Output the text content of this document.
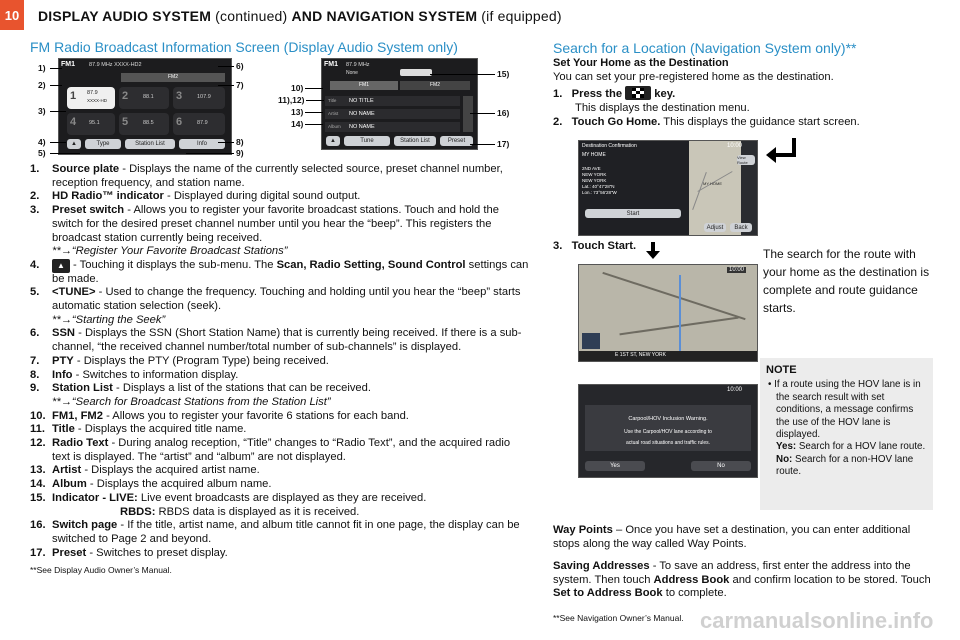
10	DISPLAY AUDIO SYSTEM (continued) AND NAVIGATION SYSTEM (if equipped)
FM Radio Broadcast Information Screen (Display Audio System only)
FM1	87.9 MHz XXXX-HD2
FM2
1 87.9
XXXX-HD 2	88.1 3	107.9
4 95.1 5	88.5 6	87.9
▲	Type	Station List	Info
1)
2)
3)
4)
5)
6)
7)
8)
9)
FM1 87.9 MHz
None
FM1	FM2
Title NO TITLE
Artist NO NAME
Album NO NAME
▲	Tune	Station List	Preset
10)
11),12)
13)
14)
15)
16)
17)
1. Source plate - Displays the name of the currently selected source, preset channel number, reception frequency, and station name.
2. HD Radio™ indicator - Displayed during digital sound output.
3. Preset switch - Allows you to register your favorite broadcast stations. Touch and hold the switch for the desired preset channel number until you hear the “beep”. This registers the broadcast station currently being received.
**→“Register Your Favorite Broadcast Stations”
4. ▲ - Touching it displays the sub-menu. The Scan, Radio Setting, Sound Control settings can be made.
5. <TUNE> - Used to change the frequency. Touching and holding until you hear the “beep” starts automatic station selection (seek).
**→“Starting the Seek”
6. SSN - Displays the SSN (Short Station Name) that is currently being received. If there is a sub-channel, “the received channel number/total number of sub-channels” is displayed.
7. PTY - Displays the PTY (Program Type) being received.
8. Info - Switches to information display.
9. Station List - Displays a list of the stations that can be received.
**→“Search for Broadcast Stations from the Station List”
10. FM1, FM2 - Allows you to register your favorite 6 stations for each band.
11. Title - Displays the acquired title name.
12. Radio Text - During analog reception, “Title” changes to “Radio Text”, and the acquired radio text is displayed. The “artist” and “album” are not displayed.
13. Artist - Displays the acquired artist name.
14. Album - Displays the acquired album name.
15. Indicator - LIVE: Live event broadcasts are displayed as they are received.
RBDS: RBDS data is displayed as it is received.
16. Switch page - If the title, artist name, and album title cannot fit in one page, the display can be switched to Page 2 and beyond.
17. Preset - Switches to preset display.
**See Display Audio Owner’s Manual.
Search for a Location (Navigation System only)**
Set Your Home as the Destination
You can set your pre-registered home as the destination.
1. Press the	key.
This displays the destination menu.
2. Touch Go Home. This displays the guidance start screen.
Destination Confirmation
MY HOME
2ND AVE
NEW YORK
NEW YORK
Lat.: 40°47'28"N
Lon.: 73°56'28"W
Start
MY HOME
10:00
View Route
Adjust	Back
3. Touch Start.
The search for the route with your home as the destination is complete and route guidance starts.
E 1ST ST, NEW YORK
10:00
10:00
Carpool/HOV Inclusion Warning.
Use the Carpool/HOV lane according to
actual road situations and traffic rules.
Yes	No
NOTE
• If a route using the HOV lane is in the search result with set conditions, a message confirms the use of the HOV lane is displayed.
Yes: Search for a HOV lane route.
No: Search for a non-HOV lane route.
Way Points – Once you have set a destination, you can enter additional stops along the way called Way Points.
Saving Addresses - To save an address, first enter the address into the system. Then touch Address Book and confirm location to be stored. Touch Set to Address Book to complete.
**See Navigation Owner’s Manual. carmanualsonline.info
